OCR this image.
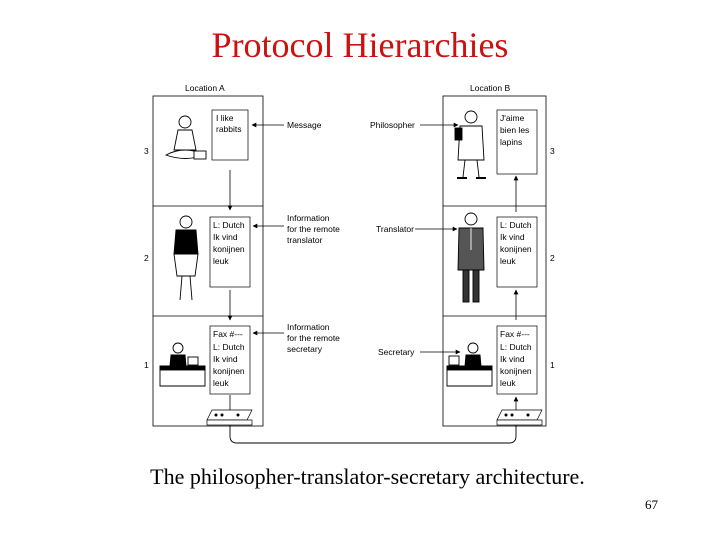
Protocol Hierarchies
Location A	Location B
3
2
1
3
2
1
I like
rabbits
L: Dutch
Ik vind
konijnen
leuk
Fax #---
L: Dutch
Ik vind
konijnen
leuk
J'aime
bien les
lapins
L: Dutch
Ik vind
konijnen
leuk
Fax #---
L: Dutch
Ik vind
konijnen
leuk
Message
Information
for the remote
translator
Information
for the remote
secretary
Philosopher
Translator
Secretary
The philosopher-translator-secretary architecture.
67
